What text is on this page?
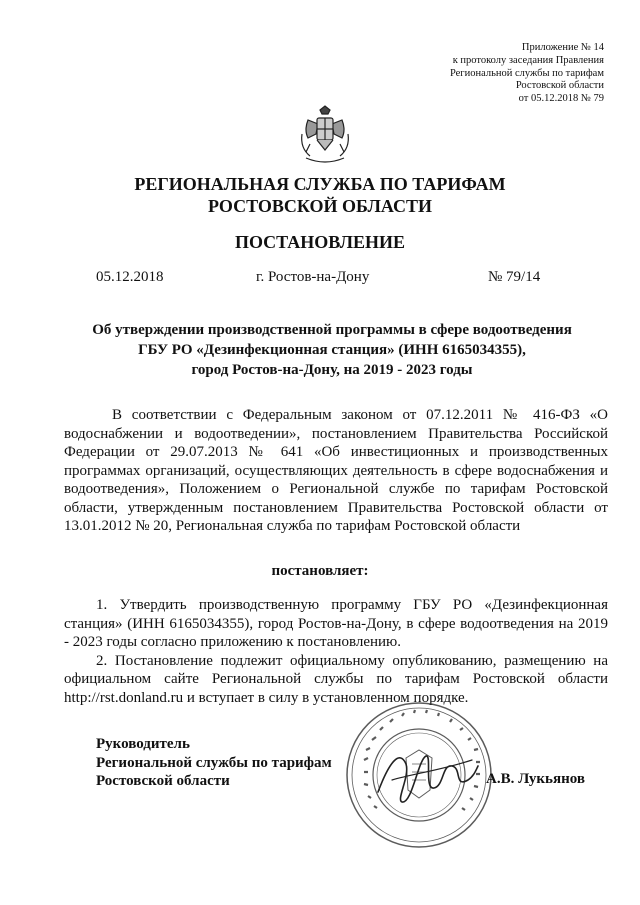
Приложение № 14
к протоколу заседания Правления
Региональной службы по тарифам
Ростовской области
от 05.12.2018 № 79
РЕГИОНАЛЬНАЯ СЛУЖБА ПО ТАРИФАМ
РОСТОВСКОЙ ОБЛАСТИ
ПОСТАНОВЛЕНИЕ
05.12.2018	г. Ростов-на-Дону	№ 79/14
Об утверждении производственной программы в сфере водоотведения
ГБУ РО «Дезинфекционная станция» (ИНН 6165034355),
город Ростов-на-Дону, на 2019 - 2023 годы
В соответствии с Федеральным законом от 07.12.2011 № 416-ФЗ «О водоснабжении и водоотведении», постановлением Правительства Российской Федерации от 29.07.2013 № 641 «Об инвестиционных и производственных программах организаций, осуществляющих деятельность в сфере водоснабжения и водоотведения», Положением о Региональной службе по тарифам Ростовской области, утвержденным постановлением Правительства Ростовской области от 13.01.2012 № 20, Региональная служба по тарифам Ростовской области
постановляет:

1. Утвердить производственную программу ГБУ РО «Дезинфекционная станция» (ИНН 6165034355), город Ростов-на-Дону, в сфере водоотведения на 2019 - 2023 годы согласно приложению к постановлению.

2. Постановление подлежит официальному опубликованию, размещению на официальном сайте Региональной службы по тарифам Ростовской области http://rst.donland.ru и вступает в силу в установленном порядке.

Руководитель
Региональной службы по тарифам
Ростовской области	А.В. Лукьянов
